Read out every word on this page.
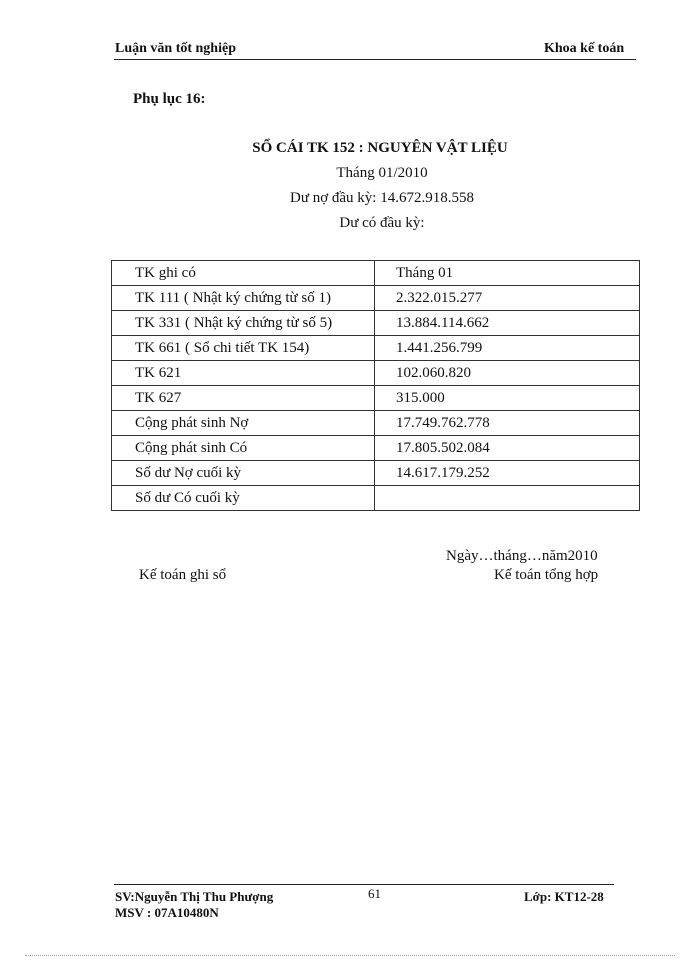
Luận văn tốt nghiệp	Khoa kế toán
Phụ lục 16:
SỔ CÁI TK 152 : NGUYÊN VẬT LIỆU
Tháng 01/2010
Dư nợ đầu kỳ: 14.672.918.558
Dư có đầu kỳ:
TK ghi có	Tháng 01
TK 111 ( Nhật ký chứng từ số 1)	2.322.015.277
TK 331 ( Nhật ký chứng từ số 5)	13.884.114.662
TK 661 ( Sổ chi tiết TK 154)	1.441.256.799
TK 621	102.060.820
TK 627	315.000
Cộng phát sinh Nợ	17.749.762.778
Cộng phát sinh Có	17.805.502.084
Số dư Nợ cuối kỳ	14.617.179.252
Số dư Có cuối kỳ	
Ngày…tháng…năm2010
Kế toán ghi sổ	Kế toán tổng hợp
SV:Nguyễn Thị Thu Phượng	61	Lớp: KT12-28
MSV : 07A10480N
